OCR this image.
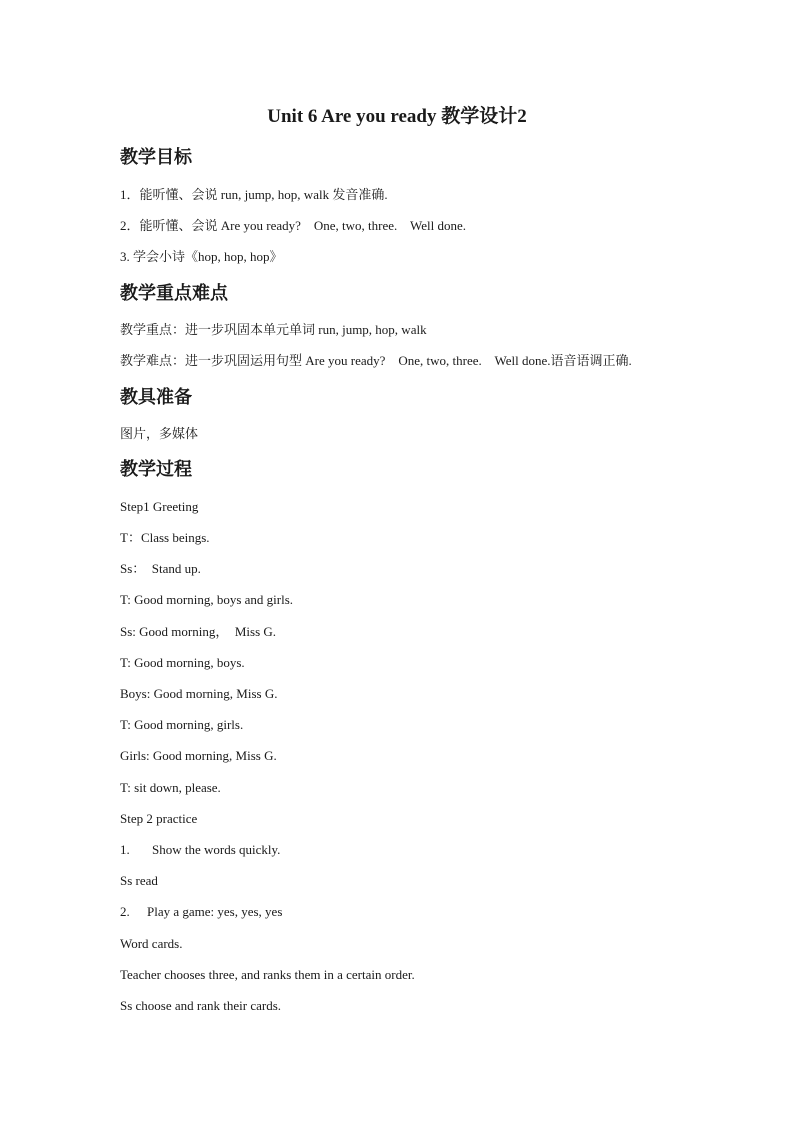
Unit 6 Are you ready 教学设计2
教学目标
1．能听懂、会说 run, jump, hop, walk 发音准确.
2．能听懂、会说 Are you ready?    One, two, three.    Well done.
3. 学会小诗《hop, hop, hop》
教学重点难点
教学重点：进一步巩固本单元单词 run, jump, hop, walk
教学难点：进一步巩固运用句型 Are you ready?    One, two, three.    Well done.语音语调正确.
教具准备
图片，多媒体
教学过程
Step1 Greeting
T：Class beings.
Ss：  Stand up.
T: Good morning, boys and girls.
Ss: Good morning，  Miss G.
T: Good morning, boys.
Boys: Good morning, Miss G.
T: Good morning, girls.
Girls: Good morning, Miss G.
T: sit down, please.
Step 2 practice
1. Show the words quickly.
Ss read
2. Play a game: yes, yes, yes
Word cards.
Teacher chooses three, and ranks them in a certain order.
Ss choose and rank their cards.
